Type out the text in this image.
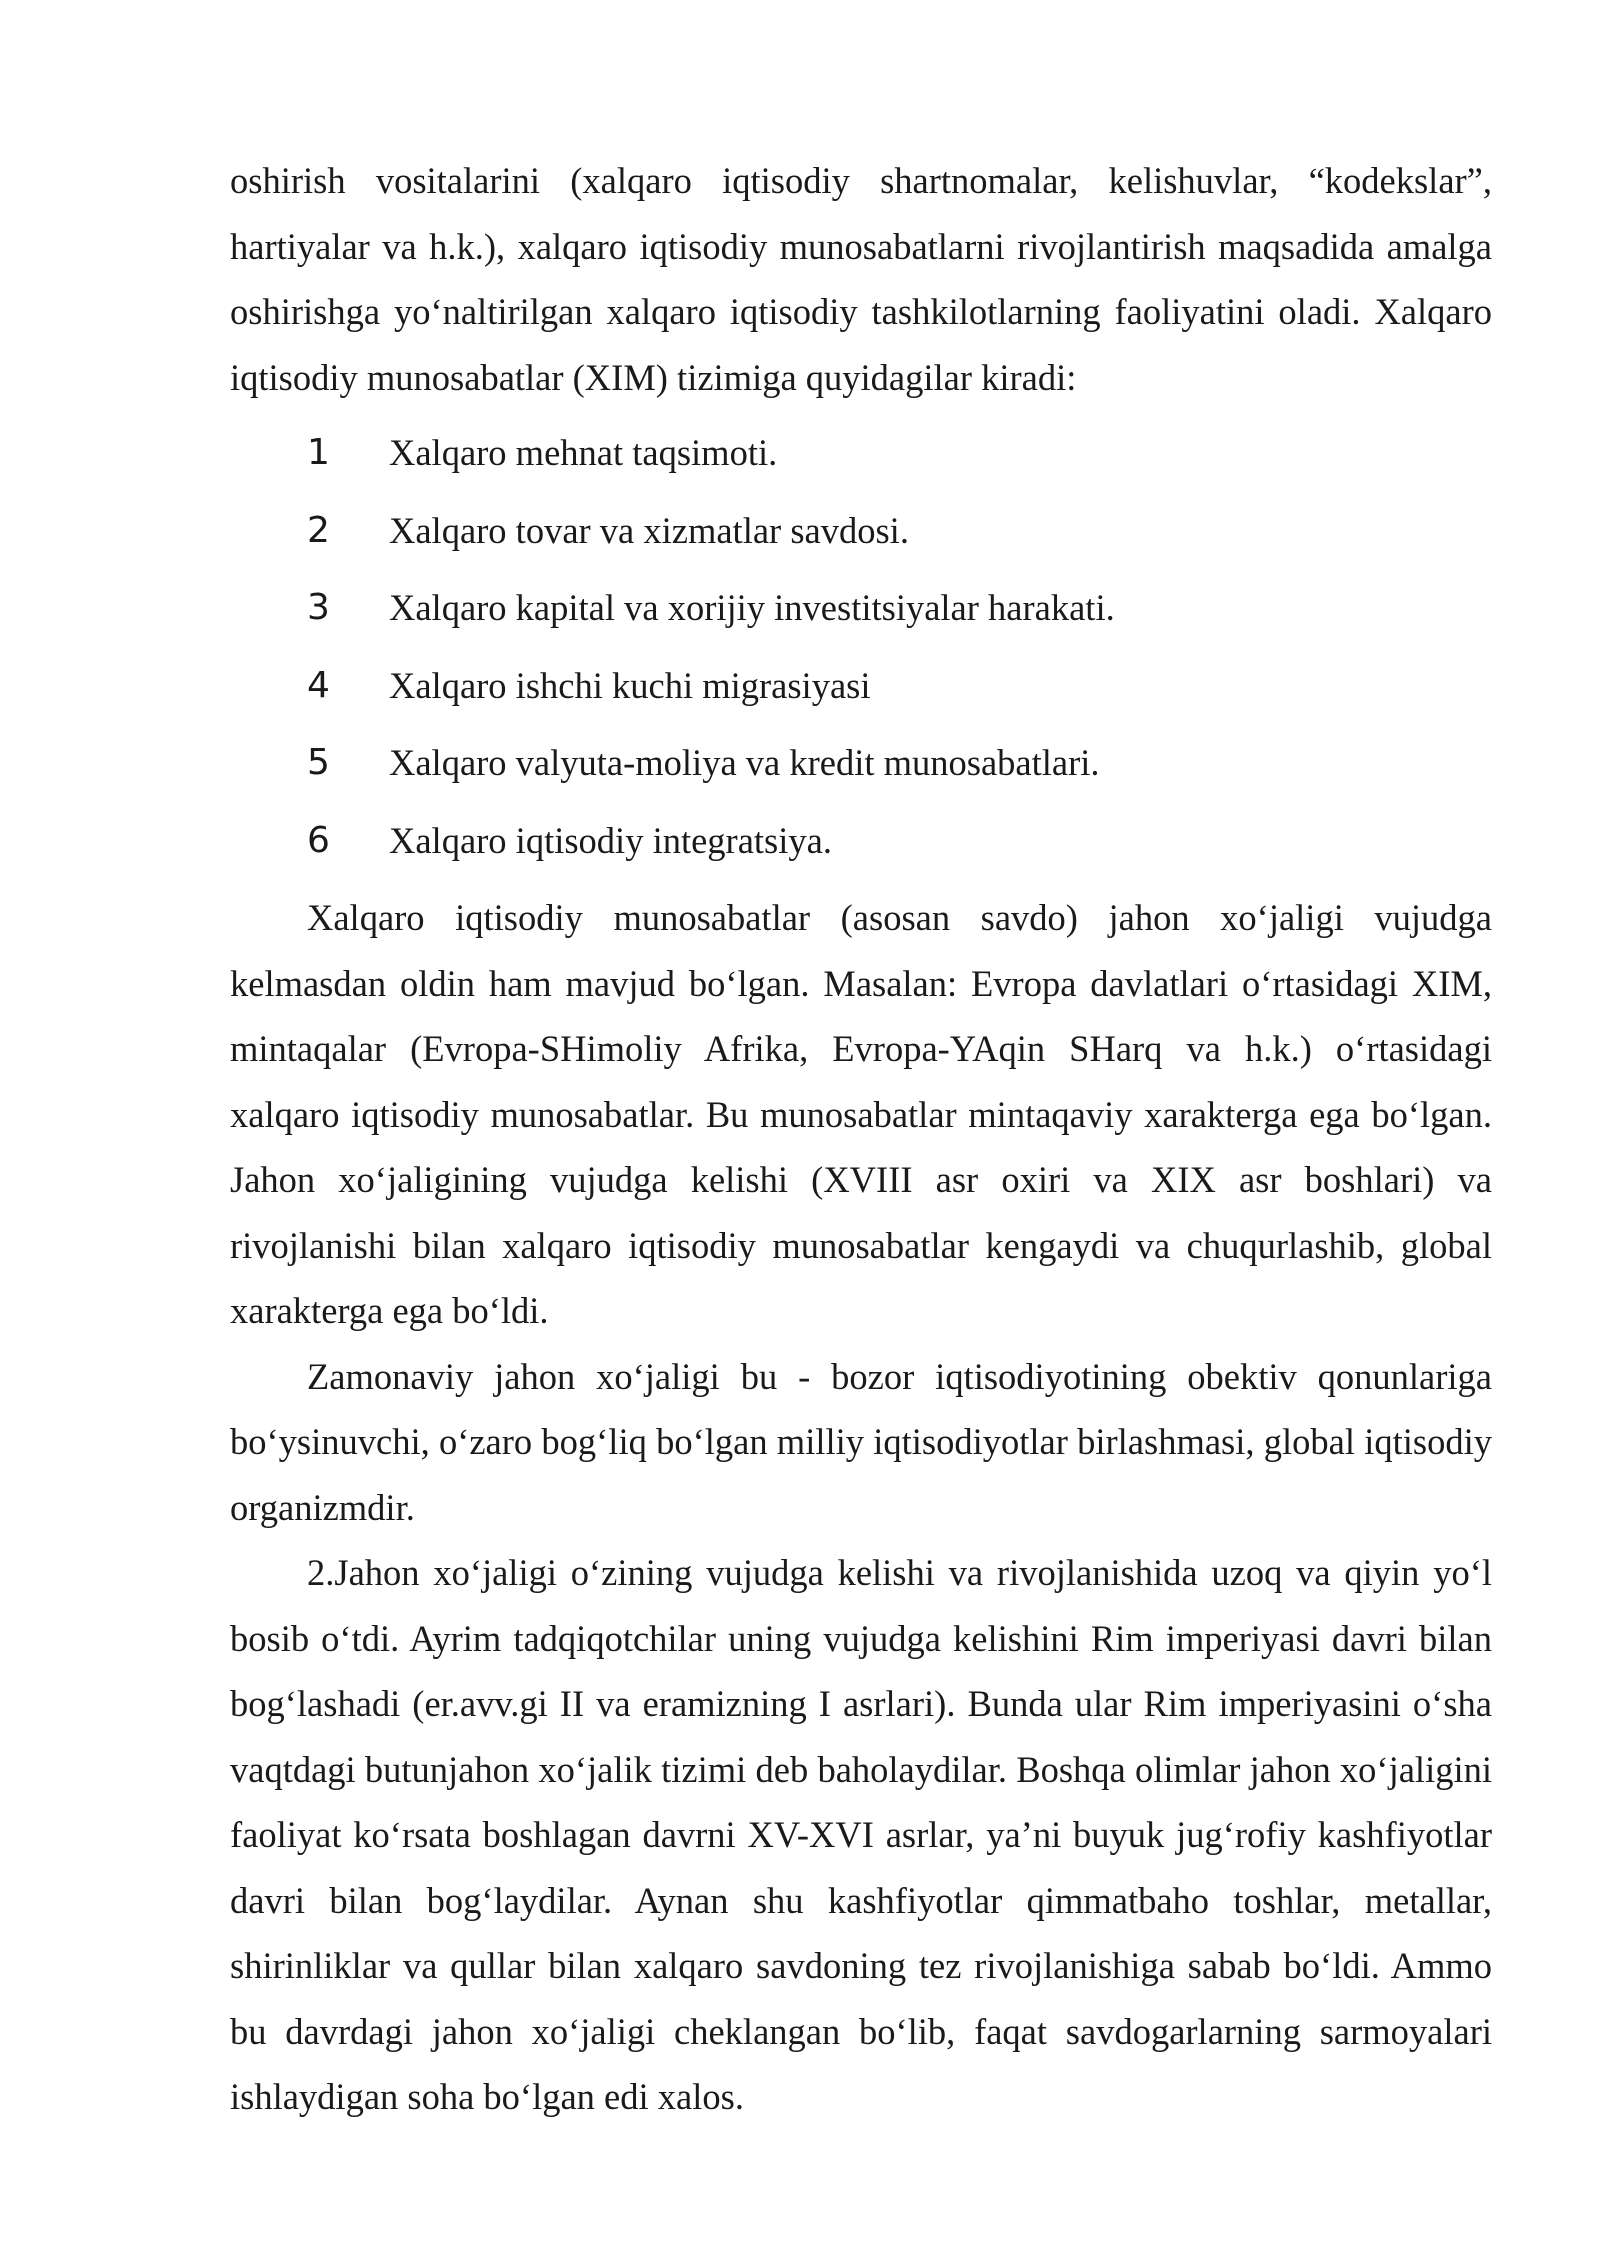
oshirish vositalarini (xalqaro iqtisodiy shartnomalar, kelishuvlar, “kodekslar”, hartiyalar va h.k.), xalqaro iqtisodiy munosabatlarni rivojlantirish maqsadida amalga oshirishga yo‘naltirilgan xalqaro iqtisodiy tashkilotlarning faoliyatini oladi. Xalqaro iqtisodiy munosabatlar (XIM) tizimiga quyidagilar kiradi:

1	Xalqaro mehnat taqsimoti.
2	Xalqaro tovar va xizmatlar savdosi.
3	Xalqaro kapital va xorijiy investitsiyalar harakati.
4	Xalqaro ishchi kuchi migrasiyasi
5	Xalqaro valyuta-moliya va kredit munosabatlari.
6	Xalqaro iqtisodiy integratsiya.

Xalqaro iqtisodiy munosabatlar (asosan savdo) jahon xo‘jaligi vujudga kelmasdan oldin ham mavjud bo‘lgan. Masalan: Evropa davlatlari o‘rtasidagi XIM, mintaqalar (Evropa-SHimoliy Afrika, Evropa-YAqin SHarq va h.k.) o‘rtasidagi xalqaro iqtisodiy munosabatlar. Bu munosabatlar mintaqaviy xarakterga ega bo‘lgan. Jahon xo‘jaligining vujudga kelishi (XVIII asr oxiri va XIX asr boshlari) va rivojlanishi bilan xalqaro iqtisodiy munosabatlar kengaydi va chuqurlashib, global xarakterga ega bo‘ldi.

Zamonaviy jahon xo‘jaligi bu - bozor iqtisodiyotining obektiv qonunlariga bo‘ysinuvchi, o‘zaro bog‘liq bo‘lgan milliy iqtisodiyotlar birlashmasi, global iqtisodiy organizmdir.

2.Jahon xo‘jaligi o‘zining vujudga kelishi va rivojlanishida uzoq va qiyin yo‘l bosib o‘tdi. Ayrim tadqiqotchilar uning vujudga kelishini Rim imperiyasi davri bilan bog‘lashadi (er.avv.gi II va eramizning I asrlari). Bunda ular Rim imperiyasini o‘sha vaqtdagi butunjahon xo‘jalik tizimi deb baholaydilar. Boshqa olimlar jahon xo‘jaligini faoliyat ko‘rsata boshlagan davrni XV-XVI asrlar, ya’ni buyuk jug‘rofiy kashfiyotlar davri bilan bog‘laydilar. Aynan shu kashfiyotlar qimmatbaho toshlar, metallar, shirinliklar va qullar bilan xalqaro savdoning tez rivojlanishiga sabab bo‘ldi. Ammo bu davrdagi jahon xo‘jaligi cheklangan bo‘lib, faqat savdogarlarning sarmoyalari ishlaydigan soha bo‘lgan edi xalos.
